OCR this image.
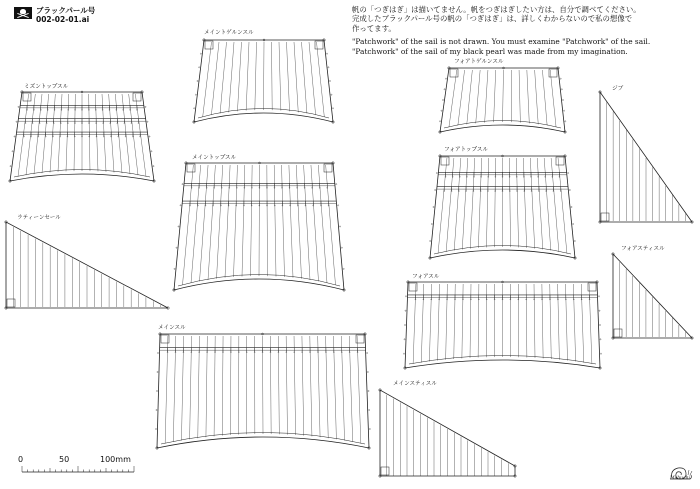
ブラックパール号
002-02-01.ai
帆の「つぎはぎ」は描いてません。帆をつぎはぎしたい方は、自分で調べてください。
完成したブラックパール号の帆の「つぎはぎ」は、詳しくわからないので私の想像で
作ってます。
"Patchwork" of the sail is not drawn. You must examine "Patchwork" of the sail.
"Patchwork" of the sail of my black pearl was made from my imagination.
メイントゲルンスル
ミズントップスル
メイントップスル
ラティーンセール
メインスル
フォアトゲルンスル
フォアトップスル
ジブ
フォアスティスル
フォアスル
メインスティスル
0	50	100mm
Mabuchi
